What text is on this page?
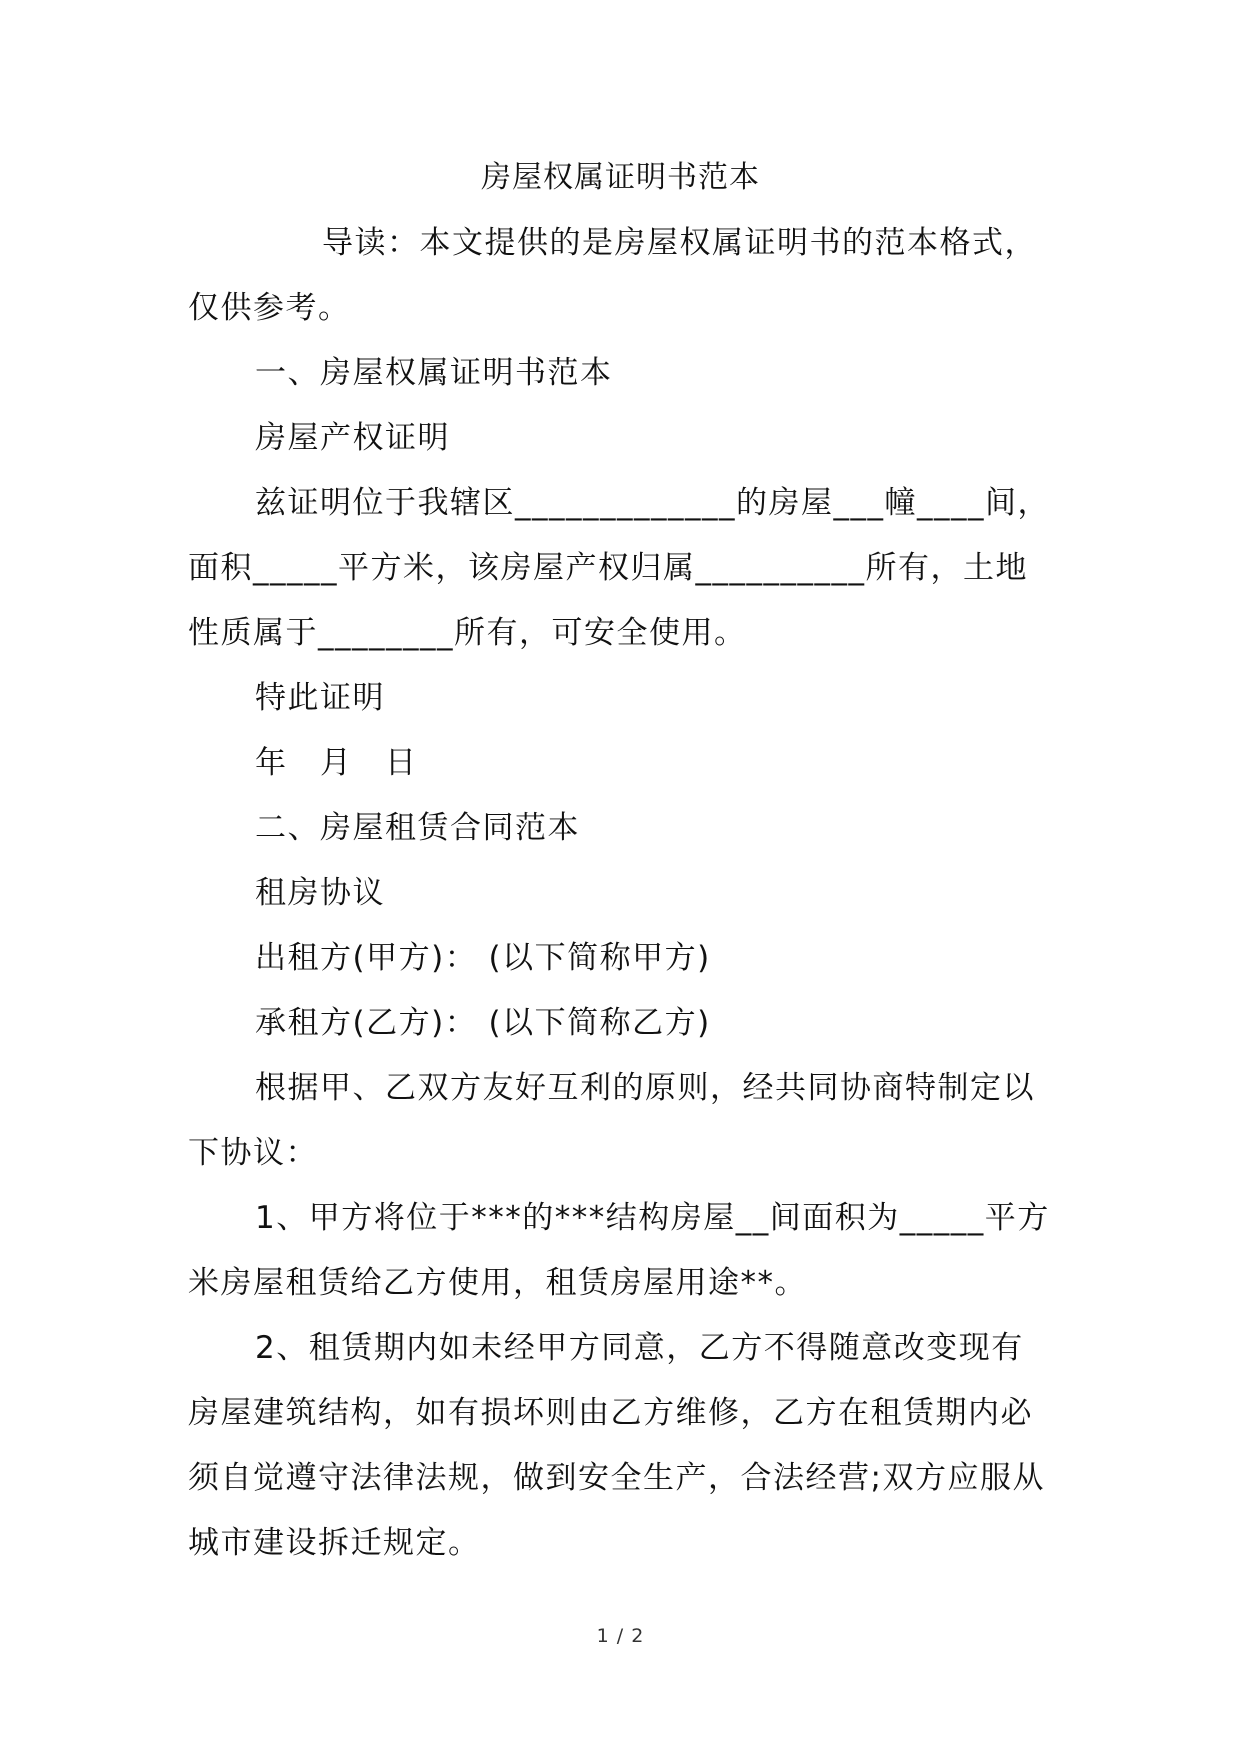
房屋权属证明书范本
导读：本文提供的是房屋权属证明书的范本格式，
仅供参考。
一、房屋权属证明书范本
房屋产权证明
兹证明位于我辖区_____________的房屋___幢____间，
面积_____平方米，该房屋产权归属__________所有，土地
性质属于________所有，可安全使用。
特此证明
年　月　日
二、房屋租赁合同范本
租房协议
出租方(甲方)： (以下简称甲方)
承租方(乙方)： (以下简称乙方)
根据甲、乙双方友好互利的原则，经共同协商特制定以
下协议：
1、甲方将位于***的***结构房屋__间面积为_____平方
米房屋租赁给乙方使用，租赁房屋用途**。
2、租赁期内如未经甲方同意，乙方不得随意改变现有
房屋建筑结构，如有损坏则由乙方维修，乙方在租赁期内必
须自觉遵守法律法规，做到安全生产，合法经营;双方应服从
城市建设拆迁规定。
1 / 2
